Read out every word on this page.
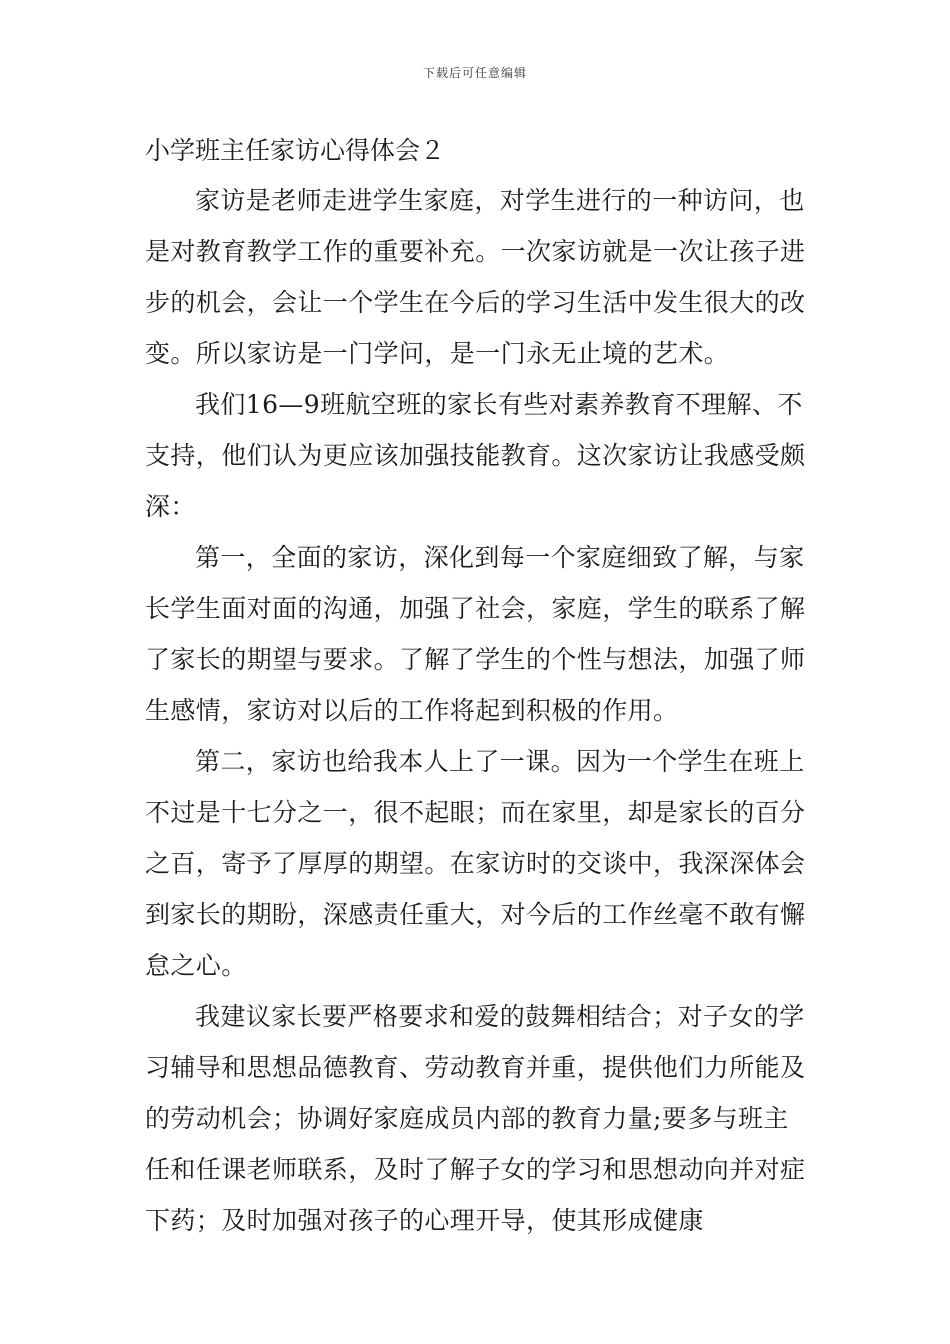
下载后可任意编辑
小学班主任家访心得体会２

家访是老师走进学生家庭，对学生进行的一种访问，也是对教育教学工作的重要补充。一次家访就是一次让孩子进步的机会，会让一个学生在今后的学习生活中发生很大的改变。所以家访是一门学问，是一门永无止境的艺术。

我们16—9班航空班的家长有些对素养教育不理解、不支持，他们认为更应该加强技能教育。这次家访让我感受颇深：

第一，全面的家访，深化到每一个家庭细致了解，与家长学生面对面的沟通，加强了社会，家庭，学生的联系了解了家长的期望与要求。了解了学生的个性与想法，加强了师生感情，家访对以后的工作将起到积极的作用。

第二，家访也给我本人上了一课。因为一个学生在班上不过是十七分之一，很不起眼；而在家里，却是家长的百分之百，寄予了厚厚的期望。在家访时的交谈中，我深深体会到家长的期盼，深感责任重大，对今后的工作丝毫不敢有懈怠之心。

我建议家长要严格要求和爱的鼓舞相结合；对子女的学习辅导和思想品德教育、劳动教育并重，提供他们力所能及的劳动机会；协调好家庭成员内部的教育力量;要多与班主任和任课老师联系，及时了解子女的学习和思想动向并对症下药；及时加强对孩子的心理开导，使其形成健康
